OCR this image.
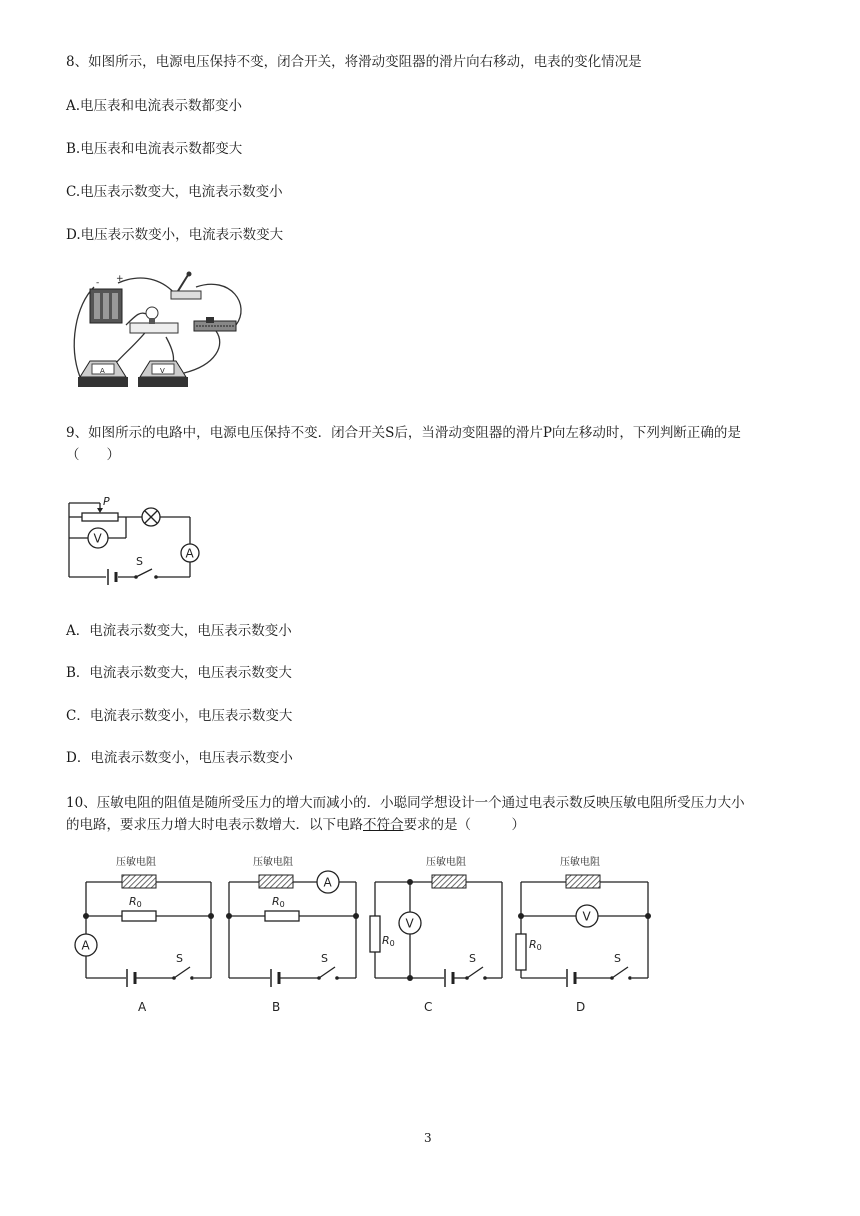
8、如图所示，电源电压保持不变，闭合开关，将滑动变阻器的滑片向右移动，电表的变化情况是
A.电压表和电流表示数都变小
B.电压表和电流表示数都变大
C.电压表示数变大，电流表示数变小
D.电压表示数变小，电流表示数变大
- +
A	V
9、如图所示的电路中，电源电压保持不变．闭合开关S后，当滑动变阻器的滑片P向左移动时，下列判断正确的是
（　　）
P
V
A
S
A．电流表示数变大，电压表示数变小
B．电流表示数变大，电压表示数变大
C．电流表示数变小，电压表示数变大
D．电流表示数变小，电压表示数变小
10、压敏电阻的阻值是随所受压力的增大而减小的．小聪同学想设计一个通过电表示数反映压敏电阻所受压力大小
的电路，要求压力增大时电表示数增大．以下电路不符合要求的是（　　　）
压敏电阻
R0
A
S
A
压敏电阻
R0
A
S
B
压敏电阻
R0
V
S
C
压敏电阻
R0
V
S
D
3
